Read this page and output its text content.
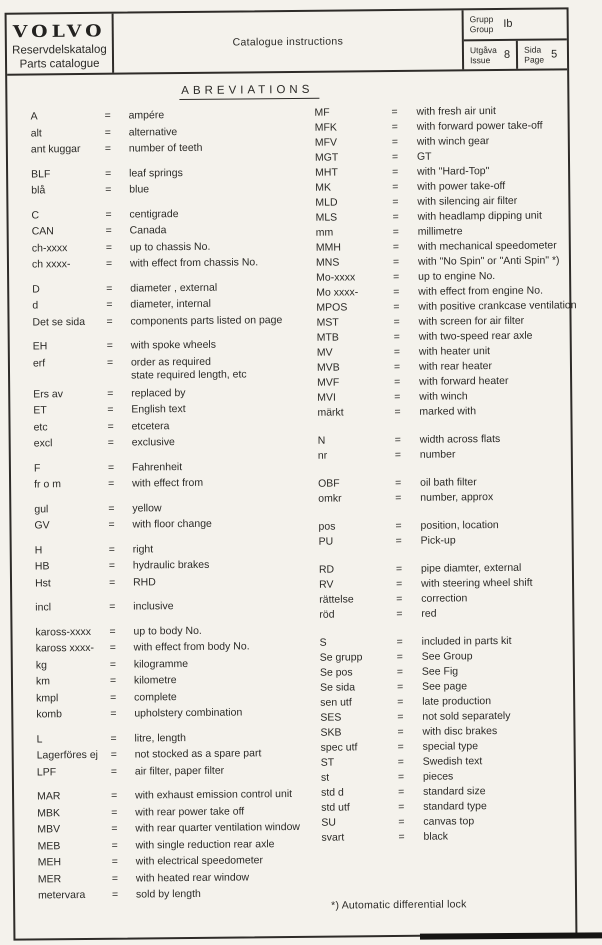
VOLVO
Reservdelskatalog
Parts catalogue
Catalogue instructions
Grupp
Group Ib
Utgåva
Issue	8 Sida
Page 5
ABREVIATIONS
A	=	ampére
alt	=	alternative
ant kuggar	=	number of teeth
BLF	=	leaf springs
blå	=	blue
C	=	centigrade
CAN	=	Canada
ch-xxxx	=	up to chassis No.
ch xxxx-	=	with effect from chassis No.
D	=	diameter , external
d	=	diameter, internal
Det se sida	=	components parts listed on page
EH	=	with spoke wheels
erf	=	order as required
state required length, etc
Ers av	=	replaced by
ET	=	English text
etc	=	etcetera
excl	=	exclusive
F	=	Fahrenheit
fr o m	=	with effect from
gul	=	yellow
GV	=	with floor change
H	=	right
HB	=	hydraulic brakes
Hst	=	RHD
incl	=	inclusive
kaross-xxxx	=	up to body No.
kaross xxxx-	=	with effect from body No.
kg	=	kilogramme
km	=	kilometre
kmpl	=	complete
komb	=	upholstery combination
L	=	litre, length
Lagerföres ej	=	not stocked as a spare part
LPF	=	air filter, paper filter
MAR	=	with exhaust emission control unit
MBK	=	with rear power take off
MBV	=	with rear quarter ventilation window
MEB	=	with single reduction rear axle
MEH	=	with electrical speedometer
MER	=	with heated rear window
metervara	=	sold by length
MF	=	with fresh air unit
MFK	=	with forward power take-off
MFV	=	with winch gear
MGT	=	GT
MHT	=	with "Hard-Top"
MK	=	with power take-off
MLD	=	with silencing air filter
MLS	=	with headlamp dipping unit
mm	=	millimetre
MMH	=	with mechanical speedometer
MNS	=	with "No Spin" or "Anti Spin" *)
Mo-xxxx	=	up to engine No.
Mo xxxx-	=	with effect from engine No.
MPOS	=	with positive crankcase ventilation
MST	=	with screen for air filter
MTB	=	with two-speed rear axle
MV	=	with heater unit
MVB	=	with rear heater
MVF	=	with forward heater
MVI	=	with winch
märkt	=	marked with
N	=	width across flats
nr	=	number
OBF	=	oil bath filter
omkr	=	number, approx
pos	=	position, location
PU	=	Pick-up
RD	=	pipe diamter, external
RV	=	with steering wheel shift
rättelse	=	correction
röd	=	red
S	=	included in parts kit
Se grupp	=	See Group
Se pos	=	See Fig
Se sida	=	See page
sen utf	=	late production
SES	=	not sold separately
SKB	=	with disc brakes
spec utf	=	special type
ST	=	Swedish text
st	=	pieces
std d	=	standard size
std utf	=	standard type
SU	=	canvas top
svart	=	black
*) Automatic differential lock
